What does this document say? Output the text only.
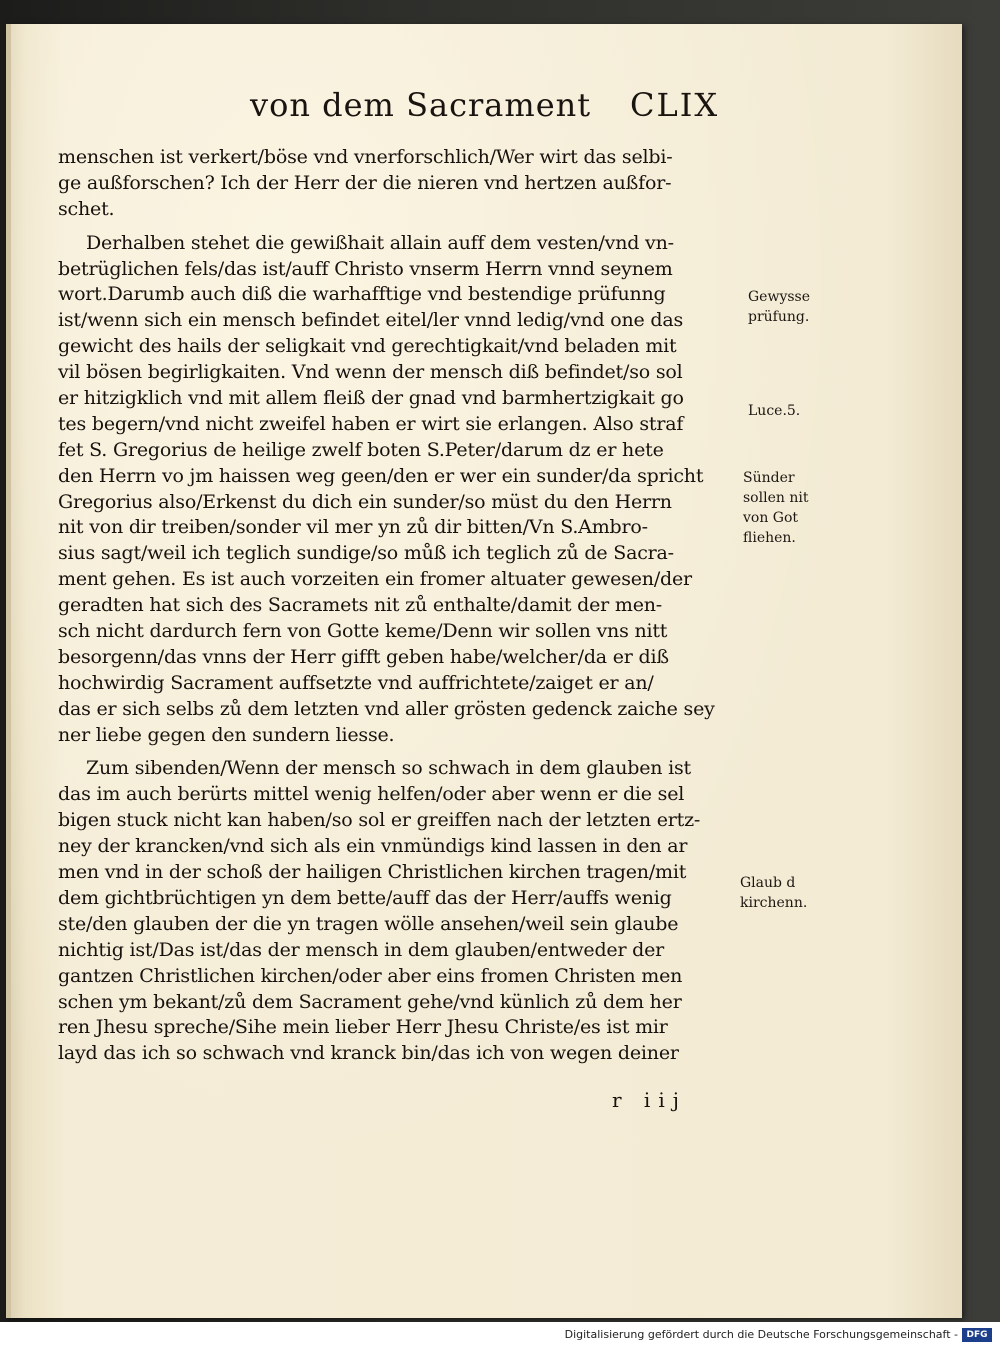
von dem Sacrament CLIX
menschen ist verkert/böse vnd vnerforschlich/Wer wirt das selbi-
ge außforschen? Ich der Herr der die nieren vnd hertzen außfor-
schet.
Derhalben stehet die gewißhait allain auff dem vesten/vnd vn-
betrüglichen fels/das ist/auff Christo vnserm Herrn vnnd seynem
wort.Darumb auch diß die warhafftige vnd bestendige prüfunng
ist/wenn sich ein mensch befindet eitel/ler vnnd ledig/vnd one das
gewicht des hails der seligkait vnd gerechtigkait/vnd beladen mit
vil bösen begirligkaiten. Vnd wenn der mensch diß befindet/so sol
er hitzigklich vnd mit allem fleiß der gnad vnd barmhertzigkait go
tes begern/vnd nicht zweifel haben er wirt sie erlangen. Also straf
fet S. Gregorius de heilige zwelf boten S.Peter/darum dz er hete
den Herrn vo jm haissen weg geen/den er wer ein sunder/da spricht
Gregorius also/Erkenst du dich ein sunder/so müst du den Herrn
nit von dir treiben/sonder vil mer yn zů dir bitten/Vn S.Ambro-
sius sagt/weil ich teglich sundige/so můß ich teglich zů de Sacra-
ment gehen. Es ist auch vorzeiten ein fromer altuater gewesen/der
geradten hat sich des Sacramets nit zů enthalte/damit der men-
sch nicht dardurch fern von Gotte keme/Denn wir sollen vns nitt
besorgenn/das vnns der Herr gifft geben habe/welcher/da er diß
hochwirdig Sacrament auffsetzte vnd auffrichtete/zaiget er an/
das er sich selbs zů dem letzten vnd aller grösten gedenck zaiche sey
ner liebe gegen den sundern liesse.
Zum sibenden/Wenn der mensch so schwach in dem glauben ist
das im auch berürts mittel wenig helfen/oder aber wenn er die sel
bigen stuck nicht kan haben/so sol er greiffen nach der letzten ertz-
ney der krancken/vnd sich als ein vnmündigs kind lassen in den ar
men vnd in der schoß der hailigen Christlichen kirchen tragen/mit
dem gichtbrüchtigen yn dem bette/auff das der Herr/auffs wenig
ste/den glauben der die yn tragen wölle ansehen/weil sein glaube
nichtig ist/Das ist/das der mensch in dem glauben/entweder der
gantzen Christlichen kirchen/oder aber eins fromen Christen men
schen ym bekant/zů dem Sacrament gehe/vnd künlich zů dem her
ren Jhesu spreche/Sihe mein lieber Herr Jhesu Christe/es ist mir
layd das ich so schwach vnd kranck bin/das ich von wegen deiner
Gewysse prüfung.
Luce.5.
Sünder sollen nit von Got fliehen.
Glaub d kirchenn.
r iij
Digitalisierung gefördert durch die Deutsche Forschungsgemeinschaft - DFG
